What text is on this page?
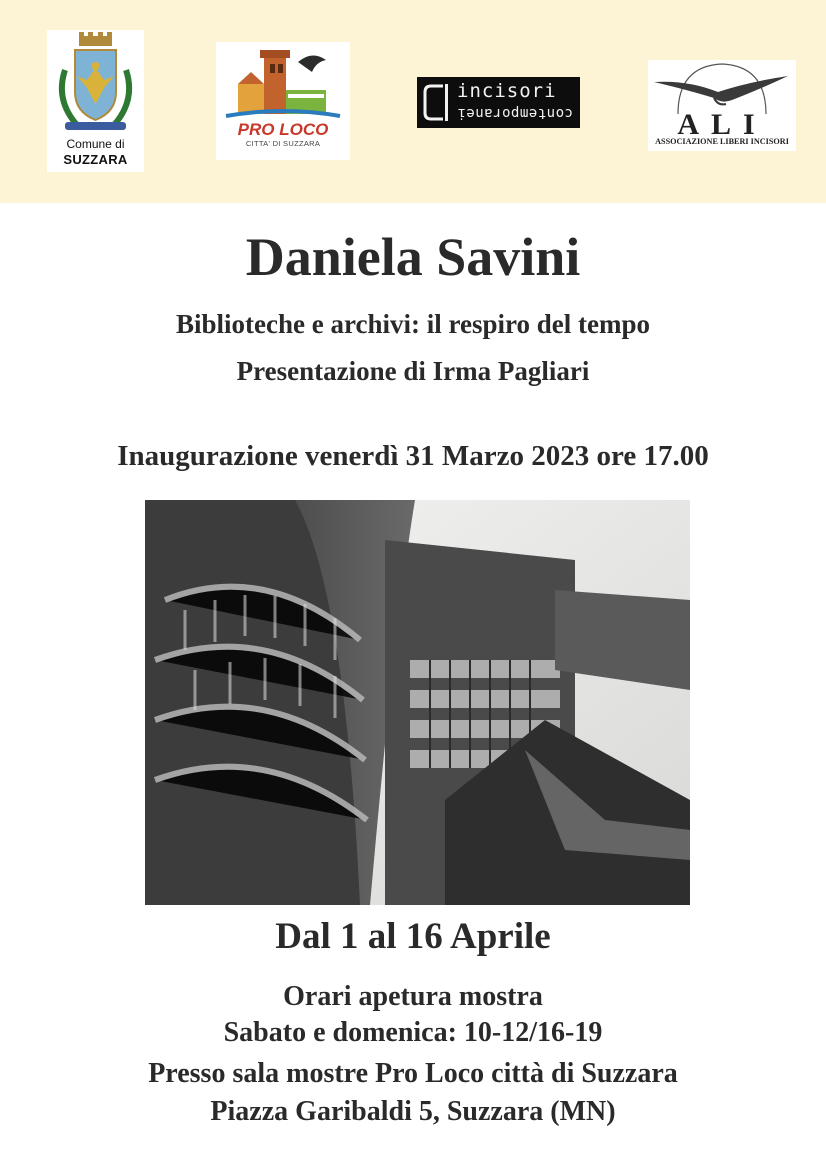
Comune di
SUZZARA
PRO LOCO
CITTA' DI SUZZARA
incisori
contemporanei	ALI
ASSOCIAZIONE LIBERI INCISORI
Daniela Savini
Biblioteche e archivi: il respiro del tempo
Presentazione di Irma Pagliari
Inaugurazione venerdì 31 Marzo 2023 ore 17.00
Dal 1 al 16 Aprile
Orari apetura mostra
Sabato e domenica: 10-12/16-19
Presso sala mostre Pro Loco città di Suzzara
Piazza Garibaldi 5, Suzzara (MN)
